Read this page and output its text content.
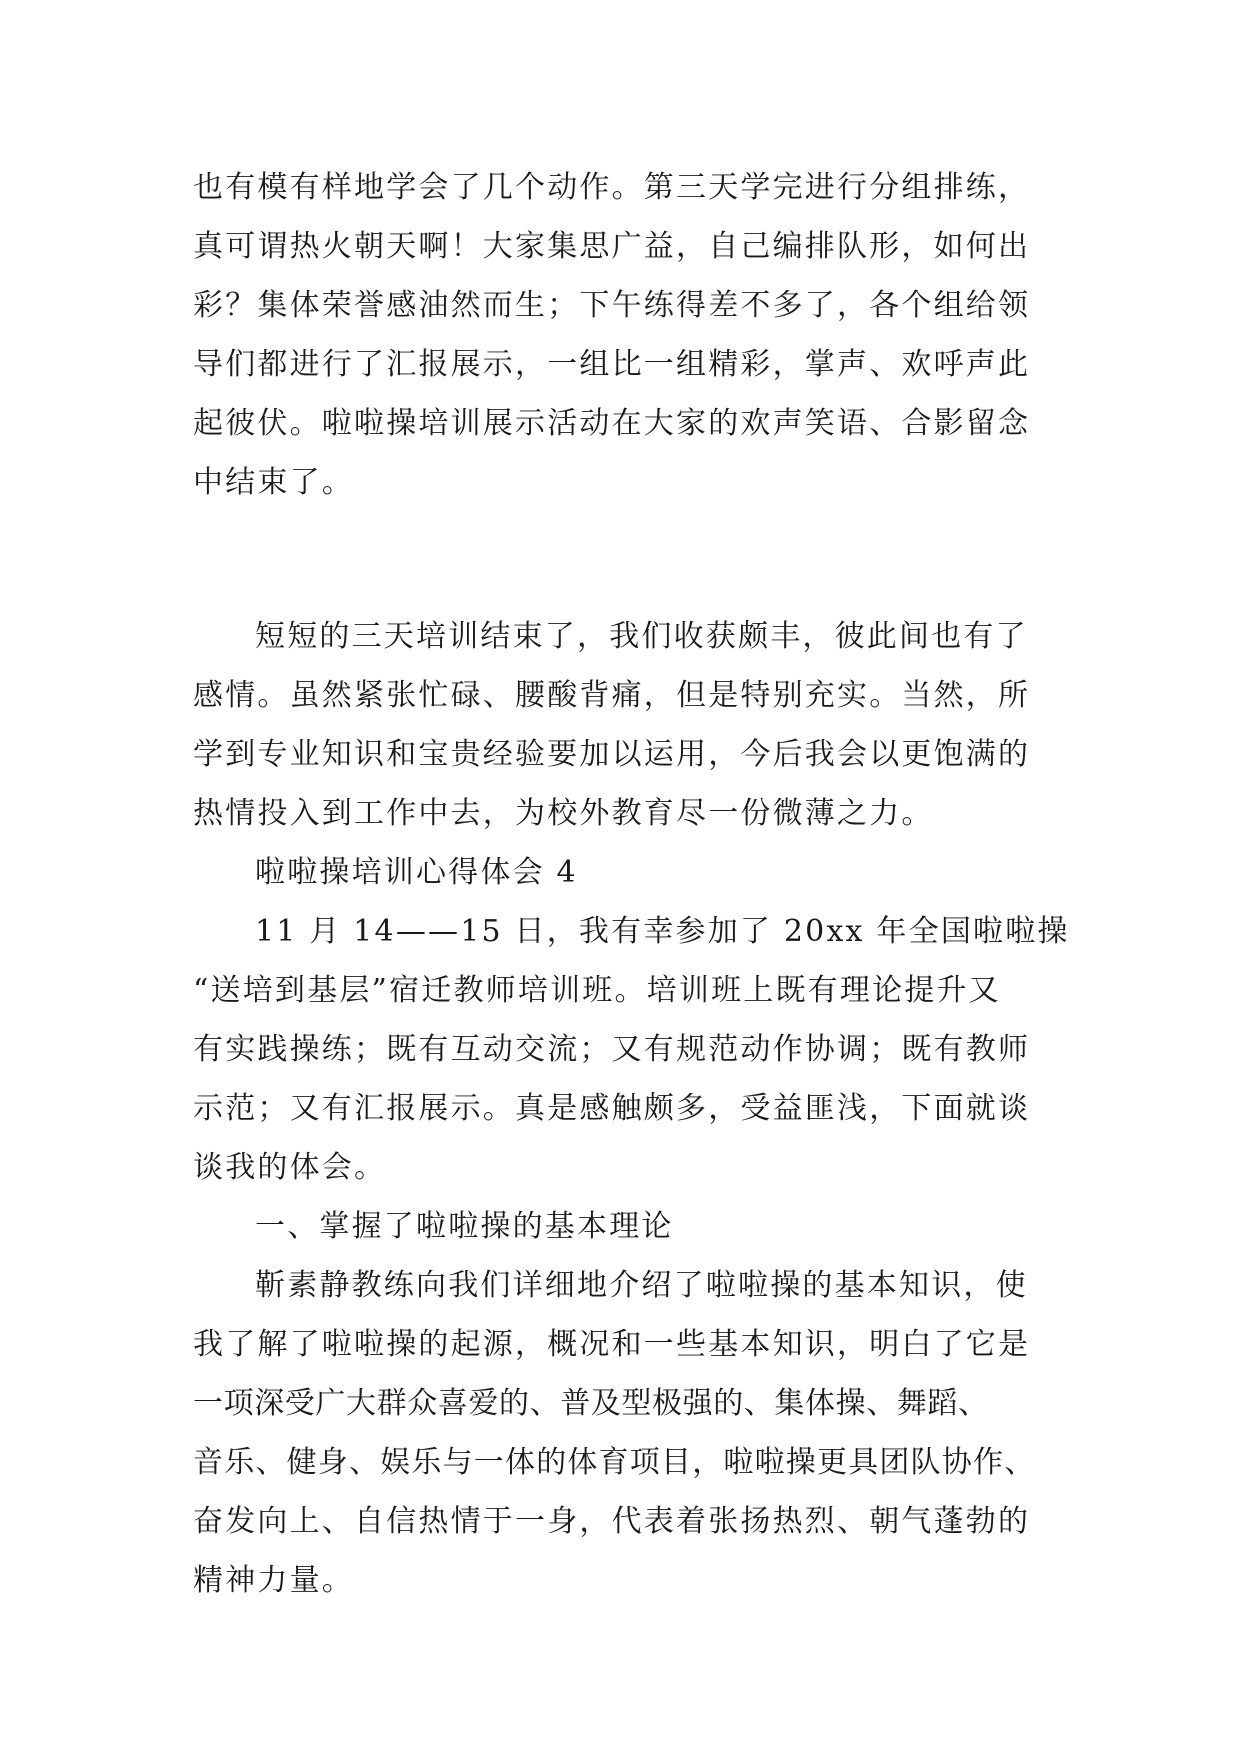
也有模有样地学会了几个动作。第三天学完进行分组排练，
真可谓热火朝天啊！大家集思广益，自己编排队形，如何出
彩？集体荣誉感油然而生；下午练得差不多了，各个组给领
导们都进行了汇报展示，一组比一组精彩，掌声、欢呼声此
起彼伏。啦啦操培训展示活动在大家的欢声笑语、合影留念
中结束了。
短短的三天培训结束了，我们收获颇丰，彼此间也有了
感情。虽然紧张忙碌、腰酸背痛，但是特别充实。当然，所
学到专业知识和宝贵经验要加以运用，今后我会以更饱满的
热情投入到工作中去，为校外教育尽一份微薄之力。
啦啦操培训心得体会 4
11 月 14——15 日，我有幸参加了 20xx 年全国啦啦操
“送培到基层”宿迁教师培训班。培训班上既有理论提升又
有实践操练；既有互动交流；又有规范动作协调；既有教师
示范；又有汇报展示。真是感触颇多，受益匪浅，下面就谈
谈我的体会。
一、掌握了啦啦操的基本理论
靳素静教练向我们详细地介绍了啦啦操的基本知识，使
我了解了啦啦操的起源，概况和一些基本知识，明白了它是
一项深受广大群众喜爱的、普及型极强的、集体操、舞蹈、
音乐、健身、娱乐与一体的体育项目，啦啦操更具团队协作、
奋发向上、自信热情于一身，代表着张扬热烈、朝气蓬勃的
精神力量。
